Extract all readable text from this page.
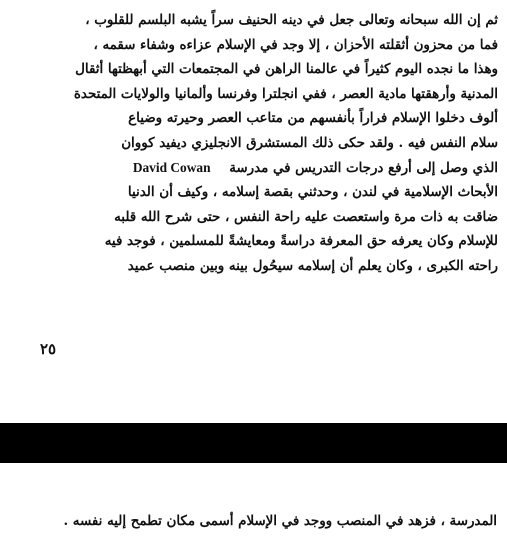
ثم إن الله سبحانه وتعالى جعل في دينه الحنيف سراً يشبه البلسم للقلوب ،
فما من محزون أثقلته الأحزان ، إلا وجد في الإسلام عزاءه وشفاء سقمه ،
وهذا ما نجده اليوم كثيراً في عالمنا الراهن في المجتمعات التي أبهظتها أثقال
المدنية وأرهقتها مادية العصر ، ففي انجلترا وفرنسا وألمانيا والولايات المتحدة
ألوف دخلوا الإسلام فراراً بأنفسهم من متاعب العصر وحيرته وضياع
سلام النفس فيه . ولقد حكى ذلك المستشرق الانجليزي ديفيد كووان
الذي وصل إلى أرفع درجات التدريس في مدرسة    David Cowan
الأبحاث الإسلامية في لندن ، وحدثني بقصة إسلامه ، وكيف أن الدنيا
ضاقت به ذات مرة واستعصت عليه راحة النفس ، حتى شرح الله قلبه
للإسلام وكان يعرفه حق المعرفة دراسةً ومعايشةً للمسلمين ، فوجد فيه
راحته الكبرى ، وكان يعلم أن إسلامه سيحُول بينه وبين منصب عميد
٢٥
المدرسة ، فزهد في المنصب ووجد في الإسلام أسمى مكان تطمح إليه نفسه .
